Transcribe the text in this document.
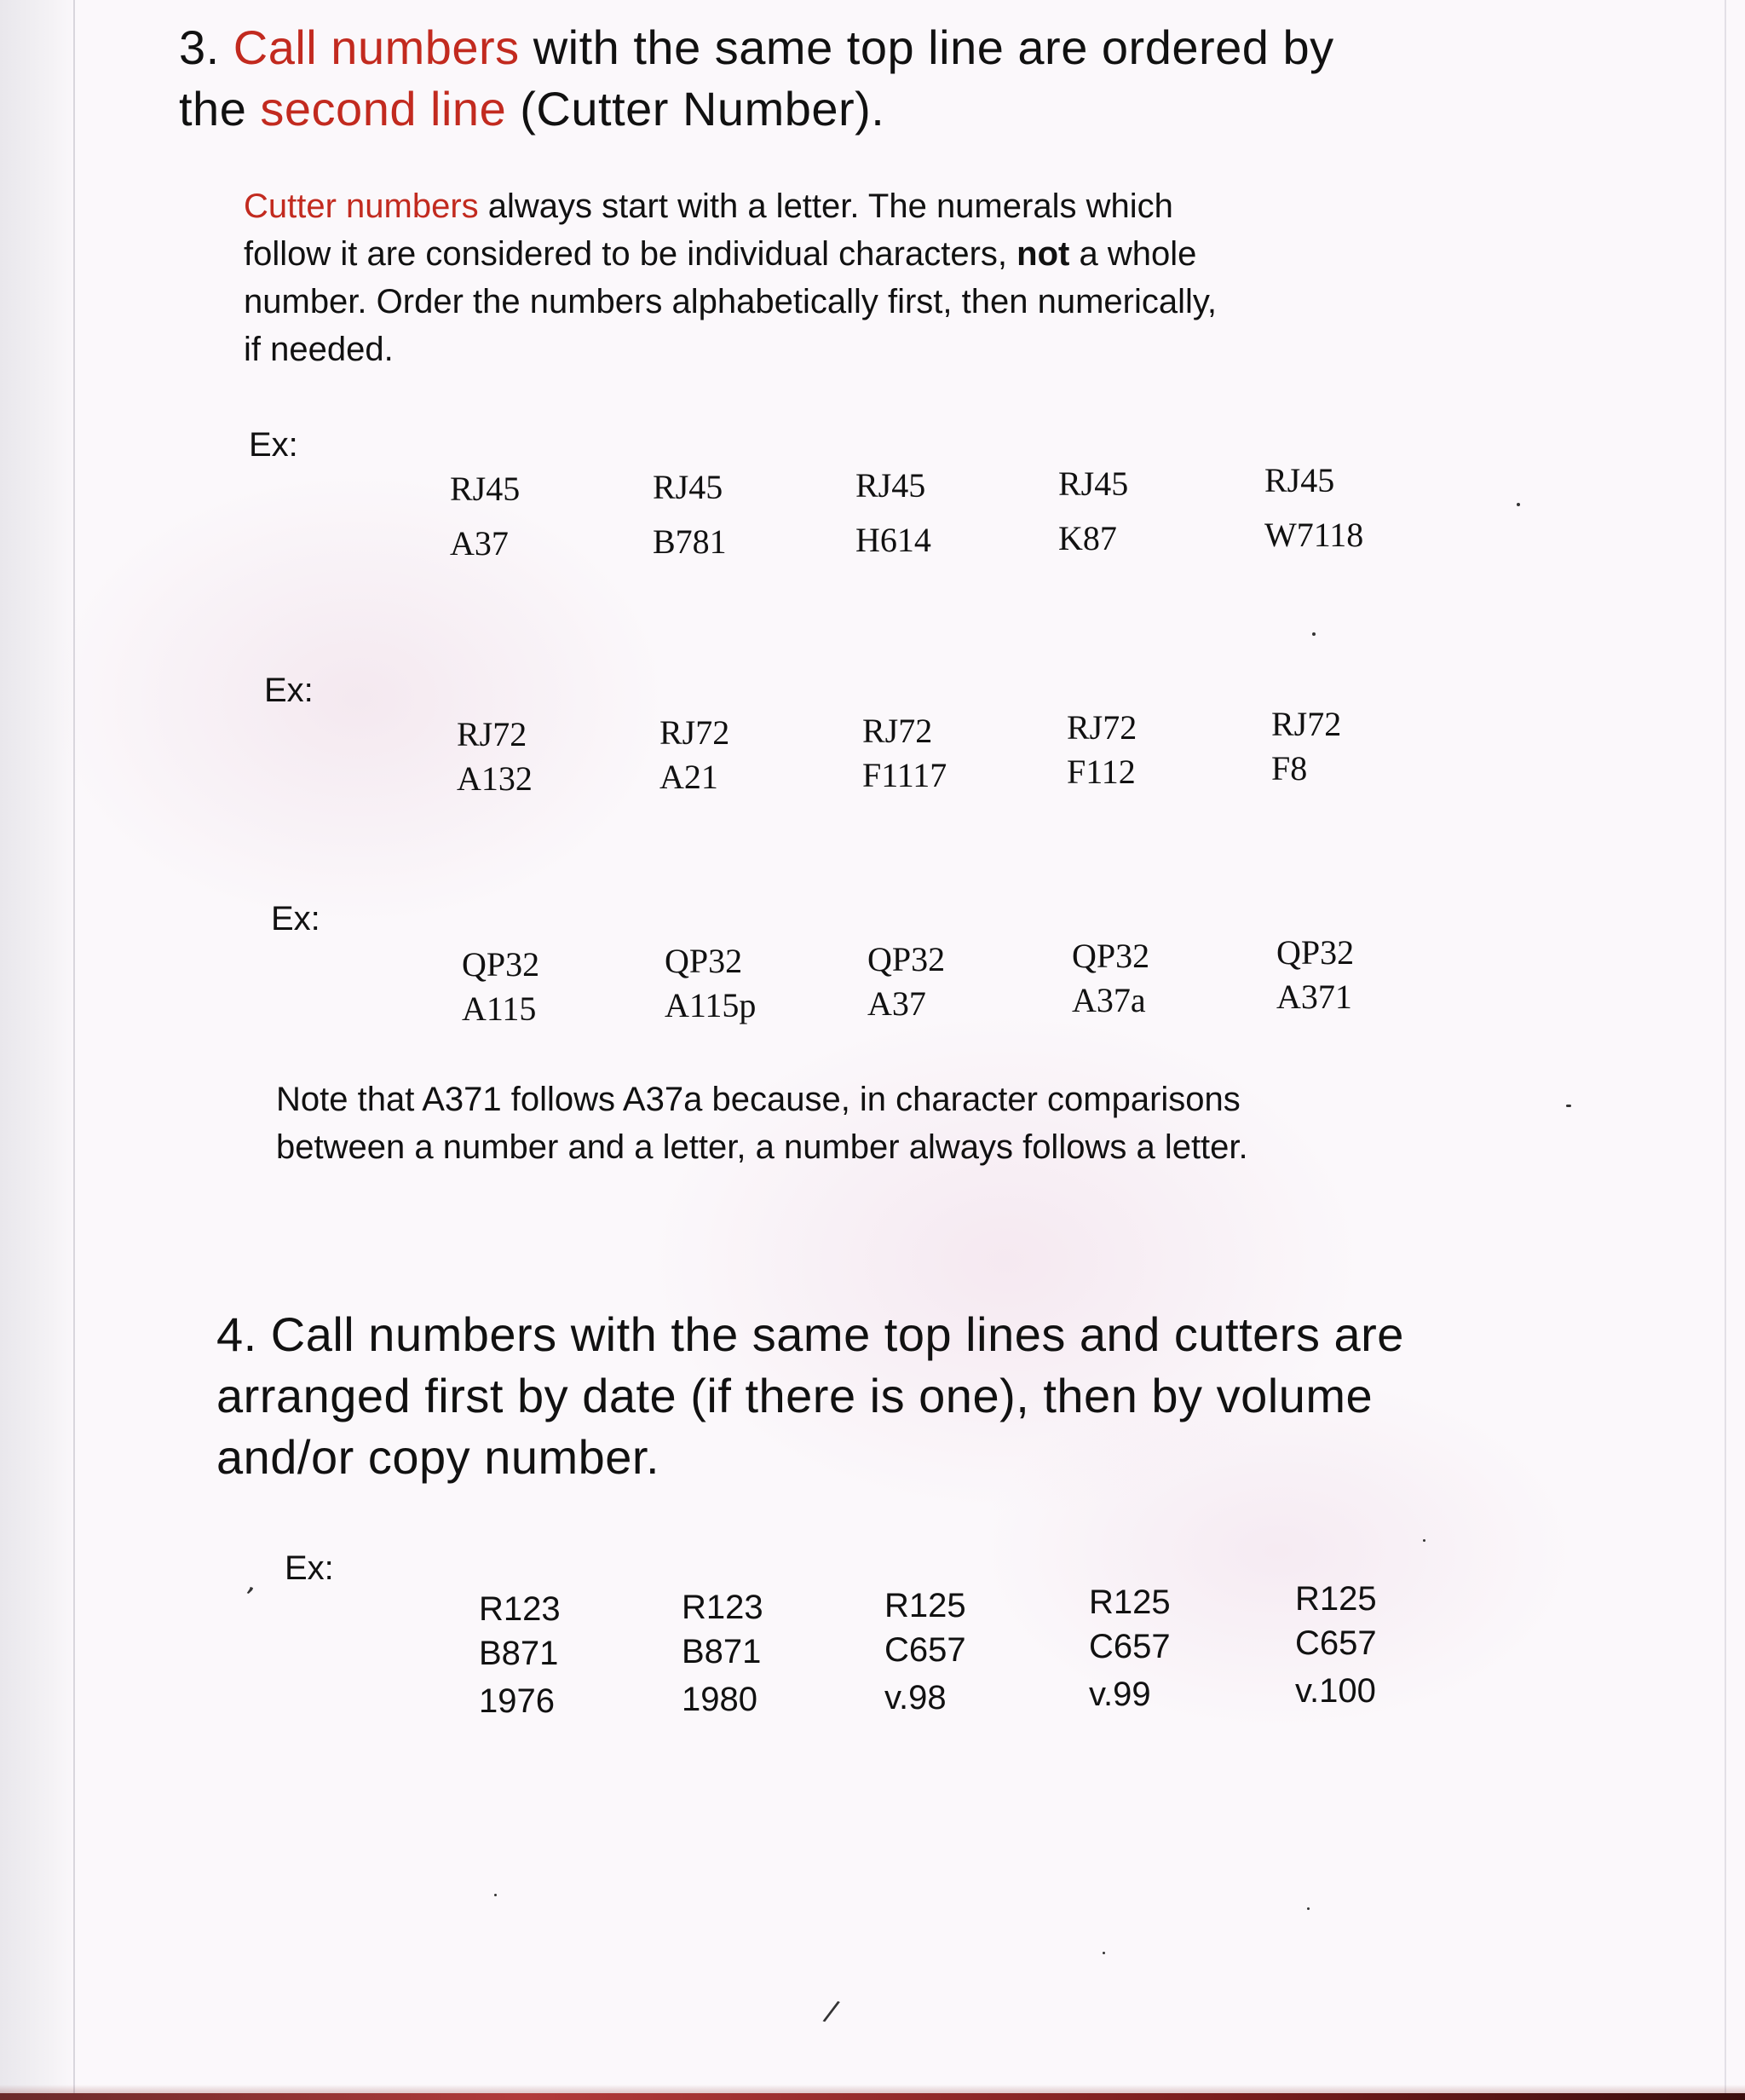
3. Call numbers with the same top line are ordered by
the second line (Cutter Number).
Cutter numbers always start with a letter. The numerals which
follow it are considered to be individual characters, not a whole
number. Order the numbers alphabetically first, then numerically,
if needed.
Ex:
RJ45
A37
RJ45
B781
RJ45
H614
RJ45
K87
RJ45
W7118
Ex:
RJ72
A132
RJ72
A21
RJ72
F1117
RJ72
F112
RJ72
F8
Ex:
QP32
A115
QP32
A115p
QP32
A37
QP32
A37a
QP32
A371
Note that A371 follows A37a because, in character comparisons
between a number and a letter, a number always follows a letter.
4. Call numbers with the same top lines and cutters are
arranged first by date (if there is one), then by volume
and/or copy number.
Ex:
R123
B871
1976
R123
B871
1980
R125
C657
v.98
R125
C657
v.99
R125
C657
v.100
,
/
